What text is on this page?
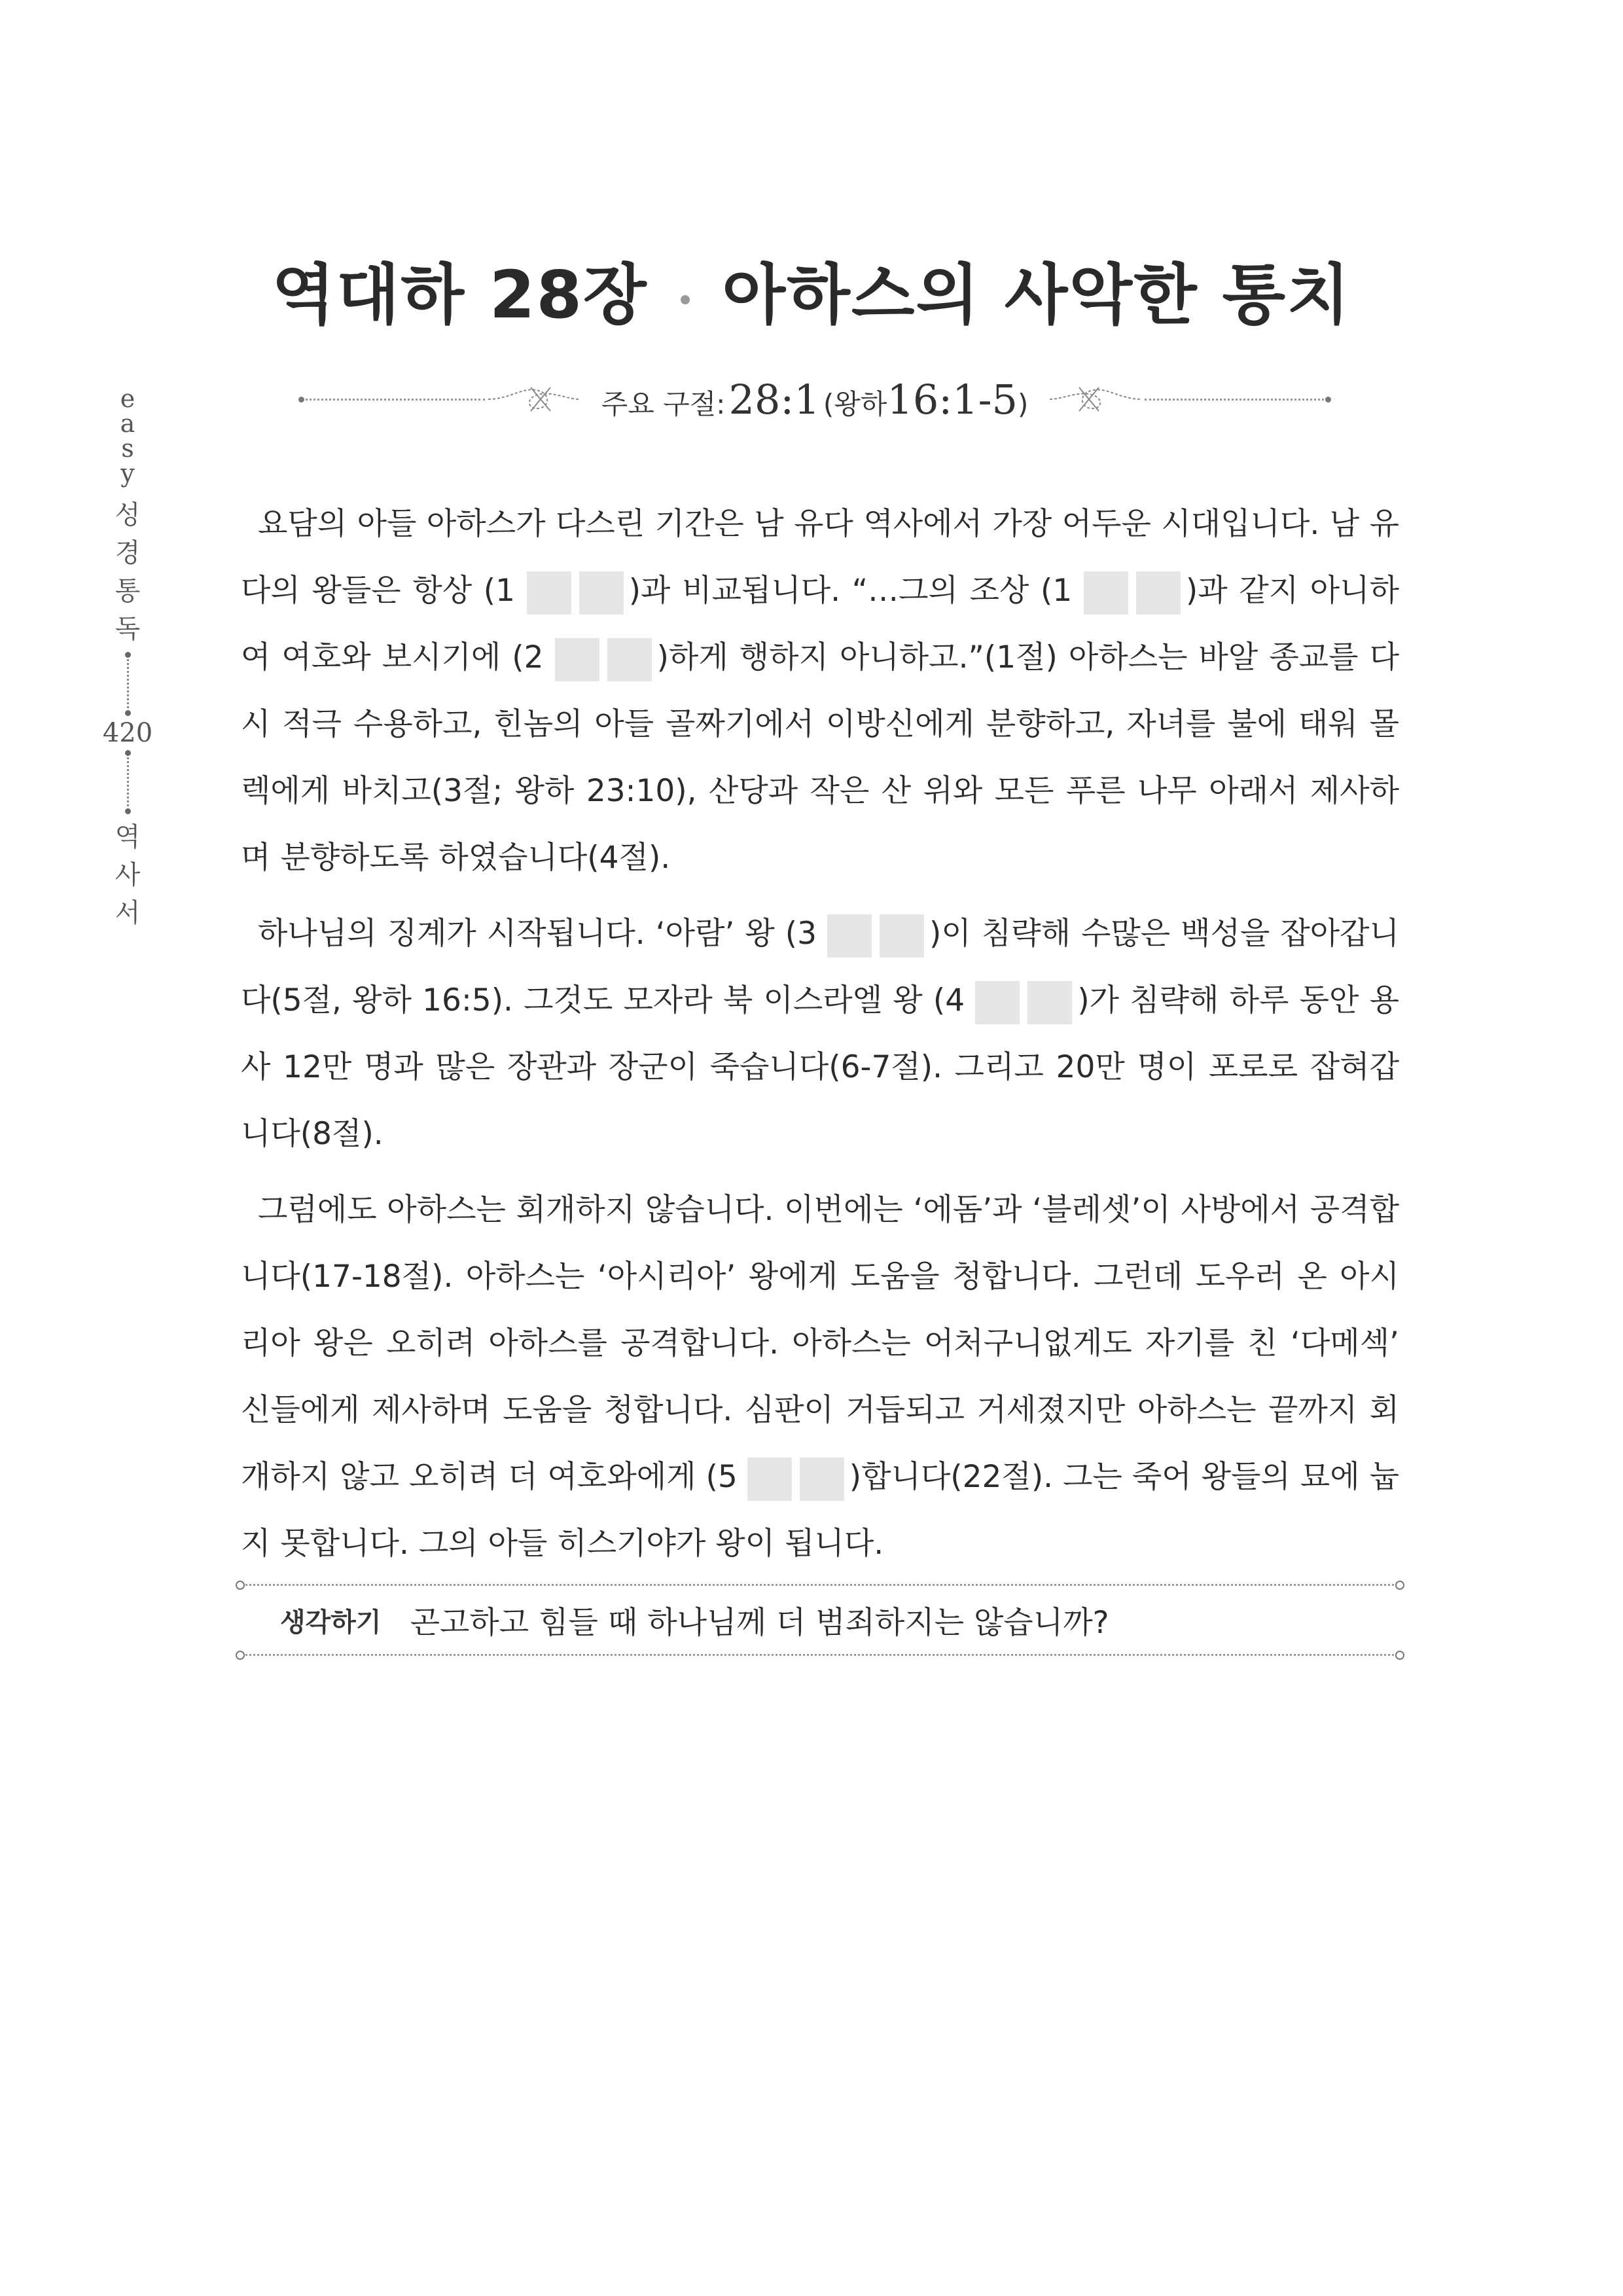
e
a
s
y
성
경
통
독
420
역
사
서
역대하 28장 아하스의 사악한 통치
주요 구절: 28:1 (왕하16:1-5)

요담의 아들 아하스가 다스린 기간은 남 유다 역사에서 가장 어두운 시대입니다. 남 유다의 왕들은 항상 (1	)과 비교됩니다. “…그의 조상 (1	)과 같지 아니하여 여호와 보시기에 (2	)하게 행하지 아니하고.”(1절) 아하스는 바알 종교를 다시 적극 수용하고, 힌놈의 아들 골짜기에서 이방신에게 분향하고, 자녀를 불에 태워 몰렉에게 바치고(3절; 왕하 23:10), 산당과 작은 산 위와 모든 푸른 나무 아래서 제사하며 분향하도록 하였습니다(4절).

하나님의 징계가 시작됩니다. ‘아람’ 왕 (3	)이 침략해 수많은 백성을 잡아갑니다(5절, 왕하 16:5). 그것도 모자라 북 이스라엘 왕 (4	)가 침략해 하루 동안 용사 12만 명과 많은 장관과 장군이 죽습니다(6-7절). 그리고 20만 명이 포로로 잡혀갑니다(8절).

그럼에도 아하스는 회개하지 않습니다. 이번에는 ‘에돔’과 ‘블레셋’이 사방에서 공격합니다(17-18절). 아하스는 ‘아시리아’ 왕에게 도움을 청합니다. 그런데 도우러 온 아시리아 왕은 오히려 아하스를 공격합니다. 아하스는 어처구니없게도 자기를 친 ‘다메섹’ 신들에게 제사하며 도움을 청합니다. 심판이 거듭되고 거세졌지만 아하스는 끝까지 회개하지 않고 오히려 더 여호와에게 (5	)합니다(22절). 그는 죽어 왕들의 묘에 눕지 못합니다. 그의 아들 히스기야가 왕이 됩니다.

생각하기 곤고하고 힘들 때 하나님께 더 범죄하지는 않습니까?
